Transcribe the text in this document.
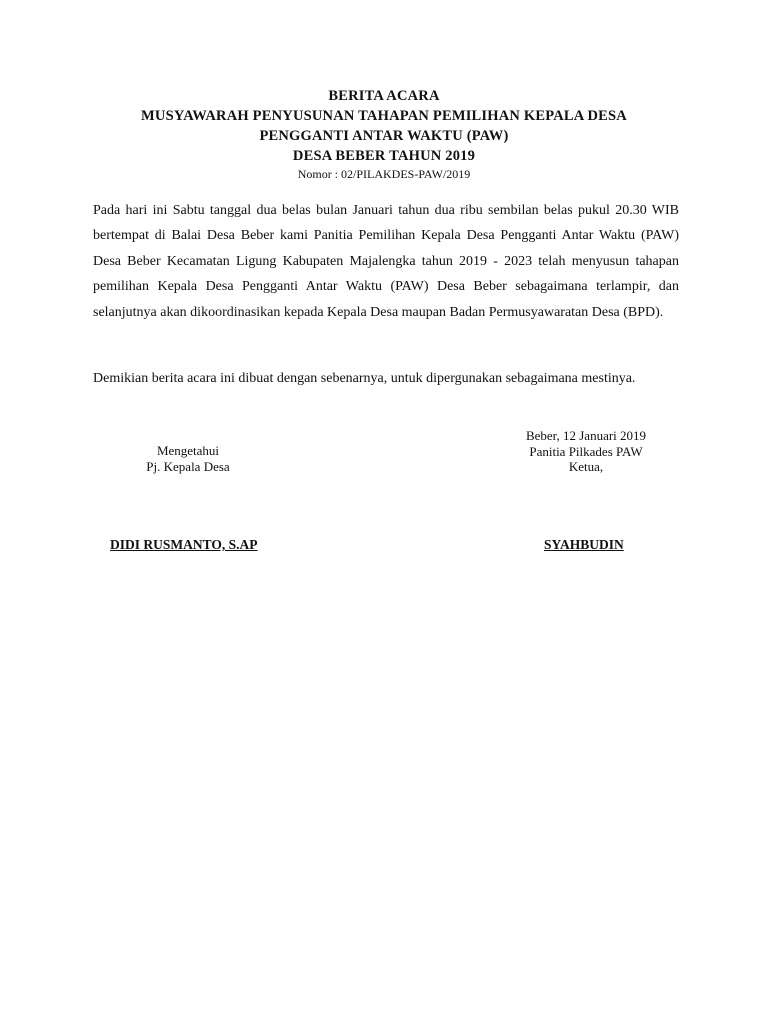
BERITA ACARA
MUSYAWARAH PENYUSUNAN TAHAPAN PEMILIHAN KEPALA DESA
PENGGANTI ANTAR WAKTU (PAW)
DESA BEBER TAHUN 2019
Nomor : 02/PILAKDES-PAW/2019
Pada hari ini Sabtu tanggal dua belas bulan Januari tahun dua ribu sembilan belas pukul 20.30 WIB bertempat di Balai Desa Beber kami Panitia Pemilihan Kepala Desa Pengganti Antar Waktu (PAW) Desa Beber Kecamatan Ligung Kabupaten Majalengka tahun 2019 - 2023 telah menyusun tahapan pemilihan Kepala Desa Pengganti Antar Waktu (PAW) Desa Beber sebagaimana terlampir, dan selanjutnya akan dikoordinasikan kepada Kepala Desa maupan Badan Permusyawaratan Desa (BPD).
Demikian berita acara ini dibuat dengan sebenarnya, untuk dipergunakan sebagaimana mestinya.
Mengetahui
Pj. Kepala Desa
Beber, 12 Januari 2019
Panitia Pilkades PAW
Ketua,
DIDI RUSMANTO, S.AP	SYAHBUDIN
